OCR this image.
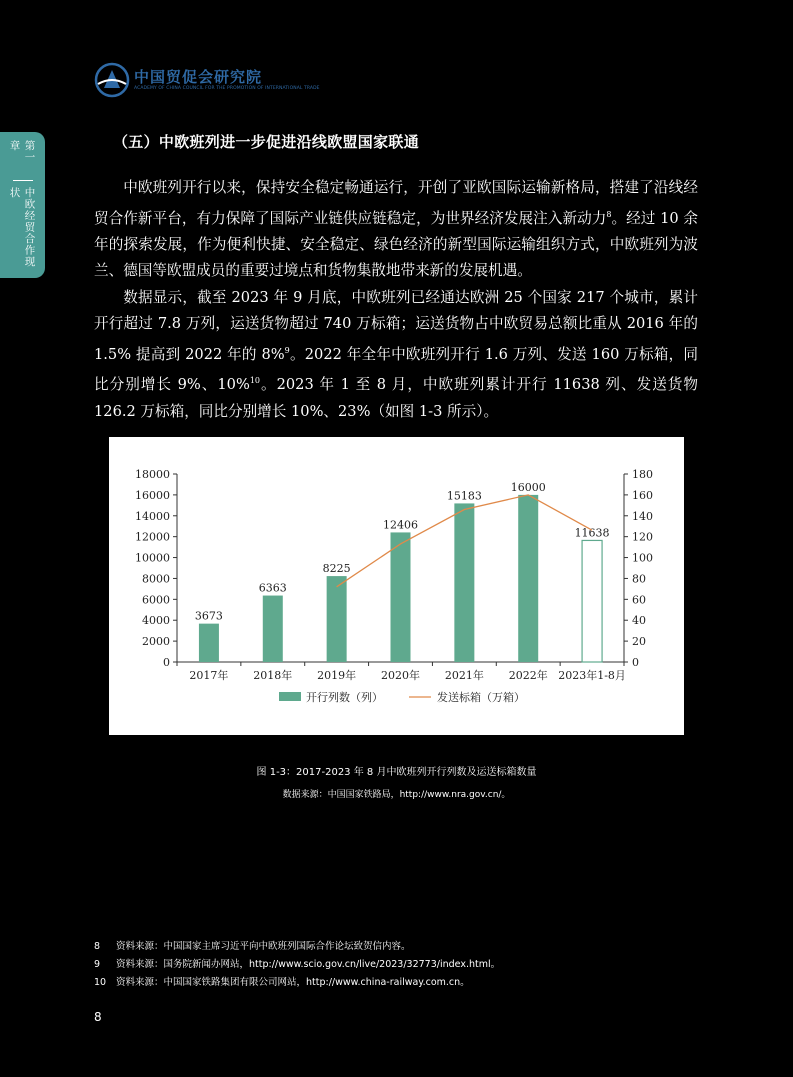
中国贸促会研究院
ACADEMY OF CHINA COUNCIL FOR THE PROMOTION OF INTERNATIONAL TRADE
第一章
中欧经贸合作现状
（五）中欧班列进一步促进沿线欧盟国家联通

中欧班列开行以来，保持安全稳定畅通运行，开创了亚欧国际运输新格局，搭建了沿线经贸合作新平台，有力保障了国际产业链供应链稳定，为世界经济发展注入新动力$^8$。经过 10 余年的探索发展，作为便利快捷、安全稳定、绿色经济的新型国际运输组织方式，中欧班列为波兰、德国等欧盟成员的重要过境点和货物集散地带来新的发展机遇。

数据显示，截至 2023 年 9 月底，中欧班列已经通达欧洲 25 个国家 217 个城市，累计开行超过 7.8 万列，运送货物超过 740 万标箱；运送货物占中欧贸易总额比重从 2016 年的 1.5% 提高到 2022 年的 8%$^9$。2022 年全年中欧班列开行 1.6 万列、发送 160 万标箱，同比分别增长 9%、10%$^{10}$。2023 年 1 至 8 月，中欧班列累计开行 11638 列、发送货物 126.2 万标箱，同比分别增长 10%、23%（如图 1-3 所示）。

0
2000
4000
6000
8000
10000
12000
14000
16000
18000
0
20
40
60
80
100
120
140
160
180
2017年 2018年 2019年 2020年 2021年 2022年 2023年1-8月
3673
6363
8225
12406
15183
16000
11638
开行列数（列）	发送标箱（万箱）
图 1-3：2017-2023 年 8 月中欧班列开行列数及运送标箱数量
数据来源：中国国家铁路局，http://www.nra.gov.cn/。
8	资料来源：中国国家主席习近平向中欧班列国际合作论坛致贺信内容。
9	资料来源：国务院新闻办网站，http://www.scio.gov.cn/live/2023/32773/index.html。
10	资料来源：中国国家铁路集团有限公司网站，http://www.china-railway.com.cn。
8
